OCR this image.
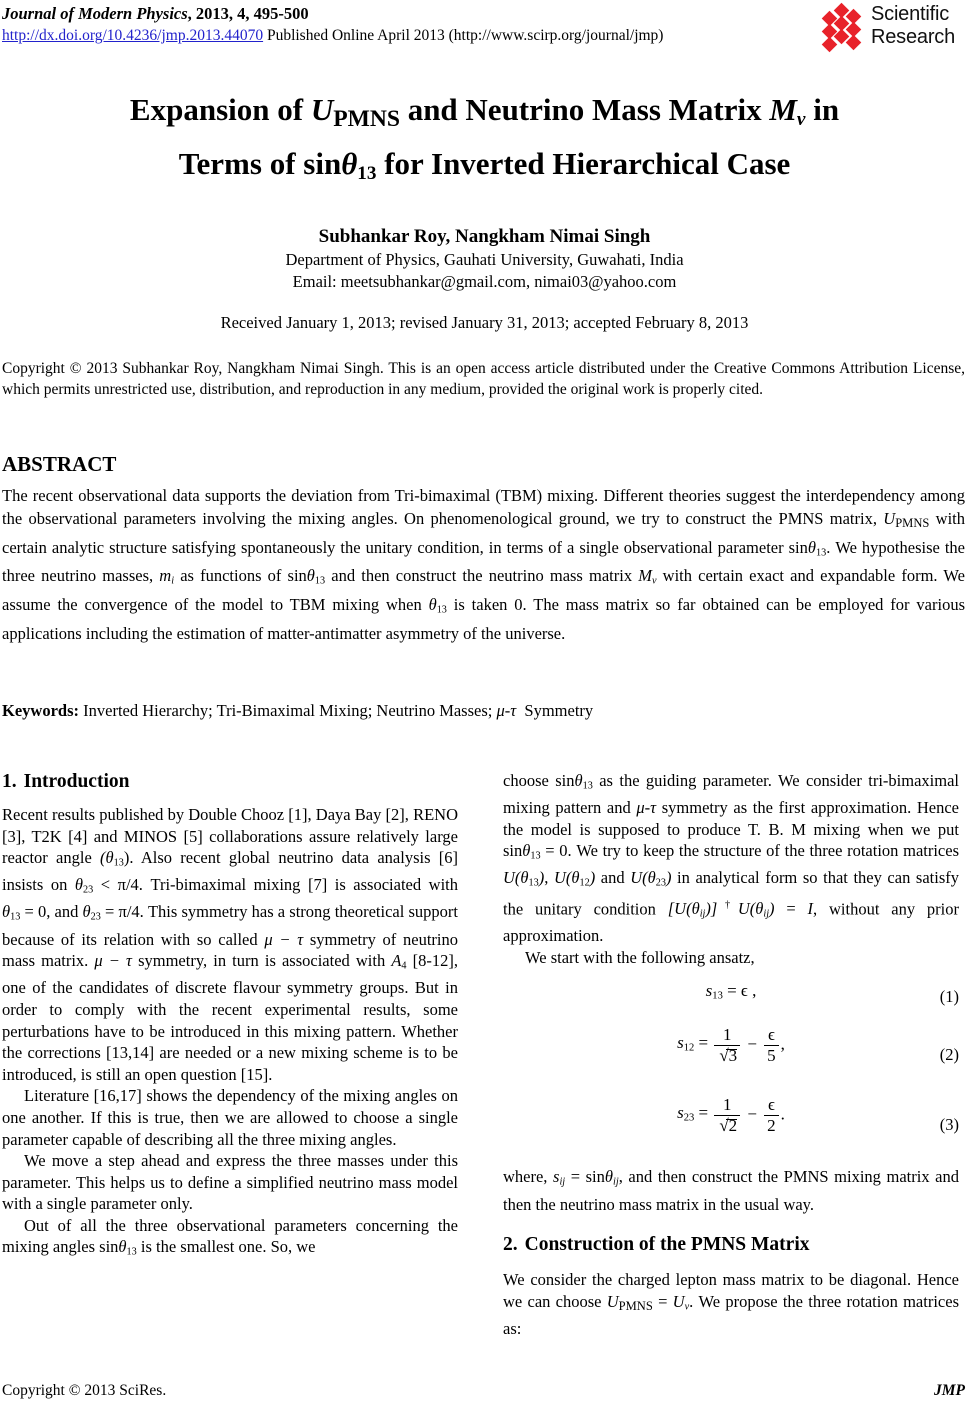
Journal of Modern Physics, 2013, 4, 495-500
http://dx.doi.org/10.4236/jmp.2013.44070 Published Online April 2013 (http://www.scirp.org/journal/jmp)
Scientific
Research
Expansion of $U_{PMNS}$ and Neutrino Mass Matrix $M_\nu$ in
Terms of sinθ$_{13}$ for Inverted Hierarchical Case
Subhankar Roy, Nangkham Nimai Singh
Department of Physics, Gauhati University, Guwahati, India
Email: meetsubhankar@gmail.com, nimai03@yahoo.com
Received January 1, 2013; revised January 31, 2013; accepted February 8, 2013
Copyright © 2013 Subhankar Roy, Nangkham Nimai Singh. This is an open access article distributed under the Creative Commons Attribution License, which permits unrestricted use, distribution, and reproduction in any medium, provided the original work is properly cited.
ABSTRACT
The recent observational data supports the deviation from Tri-bimaximal (TBM) mixing. Different theories suggest the interdependency among the observational parameters involving the mixing angles. On phenomenological ground, we try to construct the PMNS matrix, $U_{PMNS}$ with certain analytic structure satisfying spontaneously the unitary condition, in terms of a single observational parameter sinθ$_{13}$. We hypothesise the three neutrino masses, $m_i$ as functions of sinθ$_{13}$ and then construct the neutrino mass matrix $M_\nu$ with certain exact and expandable form. We assume the convergence of the model to TBM mixing when $\theta_{13}$ is taken 0. The mass matrix so far obtained can be employed for various applications including the estimation of matter-antimatter asymmetry of the universe.
Keywords: Inverted Hierarchy; Tri-Bimaximal Mixing; Neutrino Masses; μ-τ Symmetry
1. Introduction

Recent results published by Double Chooz [1], Daya Bay [2], RENO [3], T2K [4] and MINOS [5] collaborations assure relatively large reactor angle $(\theta_{13})$. Also recent global neutrino data analysis [6] insists on $\theta_{23} < \pi/4$. Tri-bimaximal mixing [7] is associated with $\theta_{13} = 0$, and $\theta_{23} = \pi/4$. This symmetry has a strong theoretical support because of its relation with so called μ − τ symmetry of neutrino mass matrix. μ − τ symmetry, in turn is associated with $A_4$ [8-12], one of the candidates of discrete flavour symmetry groups. But in order to comply with the recent experimental results, some perturbations have to be introduced in this mixing pattern. Whether the corrections [13,14] are needed or a new mixing scheme is to be introduced, is still an open question [15].

Literature [16,17] shows the dependency of the mixing angles on one another. If this is true, then we are allowed to choose a single parameter capable of describing all the three mixing angles.

We move a step ahead and express the three masses under this parameter. This helps us to define a simplified neutrino mass model with a single parameter only.

Out of all the three observational parameters concerning the mixing angles sinθ$_{13}$ is the smallest one. So, we

choose sinθ$_{13}$ as the guiding parameter. We consider tri-bimaximal mixing pattern and μ-τ symmetry as the first approximation. Hence the model is supposed to produce T. B. M mixing when we put sinθ$_{13}$ = 0. We try to keep the structure of the three rotation matrices $U(\theta_{13})$, $U(\theta_{12})$ and $U(\theta_{23})$ in analytical form so that they can satisfy the unitary condition $[U(\theta_{ij})]^\dagger U(\theta_{ij}) = I$, without any prior approximation.

We start with the following ansatz,

$s_{13} = \epsilon$ ,	(1)
$s_{12} = 1$
√
$3 - \frac{\epsilon}{5}$ ,
(2)
$s_{23} = 1$
√
$2 - \frac{\epsilon}{2}$ .
(3)

where, $s_{ij} = \sin\theta_{ij}$, and then construct the PMNS mixing matrix and then the neutrino mass matrix in the usual way.

2. Construction of the PMNS Matrix

We consider the charged lepton mass matrix to be diagonal. Hence we can choose $U_{PMNS} = U_\nu$. We propose the three rotation matrices as:

Copyright © 2013 SciRes.	JMP
